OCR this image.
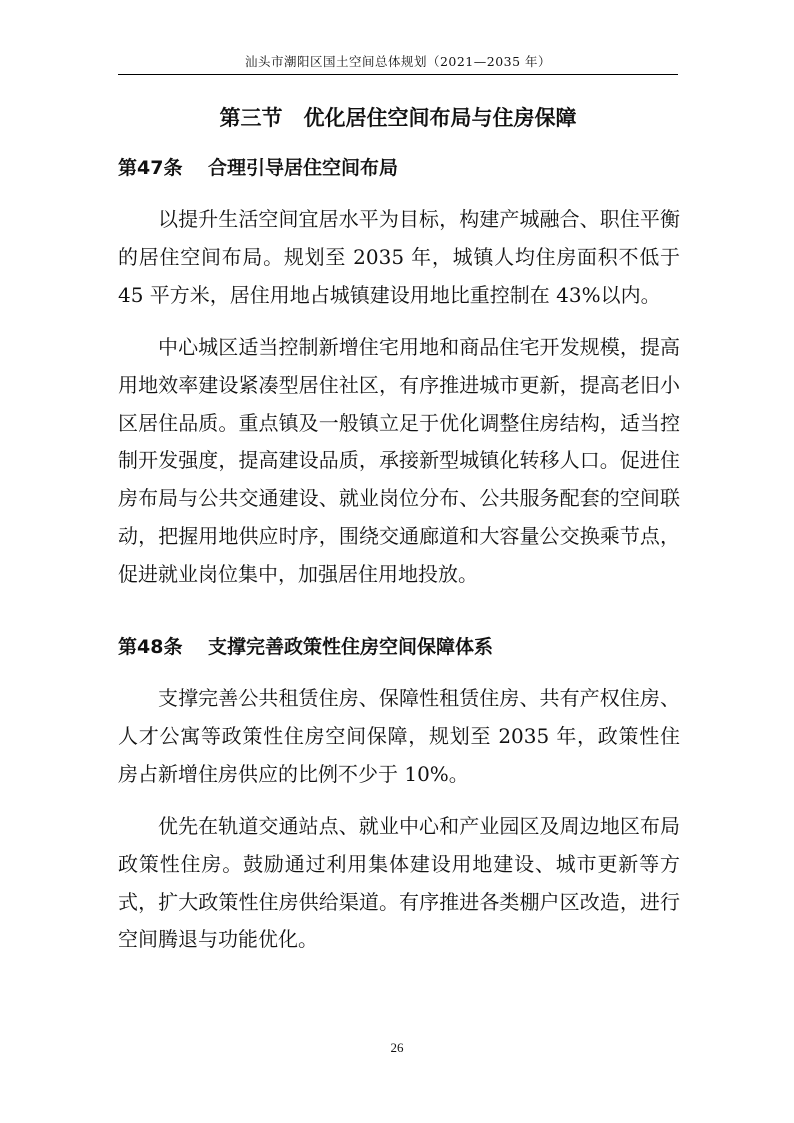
汕头市潮阳区国土空间总体规划（2021—2035 年）
第三节　优化居住空间布局与住房保障
第47条　 合理引导居住空间布局

以提升生活空间宜居水平为目标，构建产城融合、职住平衡的居住空间布局。规划至 2035 年，城镇人均住房面积不低于 45 平方米，居住用地占城镇建设用地比重控制在 43%以内。

中心城区适当控制新增住宅用地和商品住宅开发规模，提高用地效率建设紧凑型居住社区，有序推进城市更新，提高老旧小区居住品质。重点镇及一般镇立足于优化调整住房结构，适当控制开发强度，提高建设品质，承接新型城镇化转移人口。促进住房布局与公共交通建设、就业岗位分布、公共服务配套的空间联动，把握用地供应时序，围绕交通廊道和大容量公交换乘节点，促进就业岗位集中，加强居住用地投放。

第48条　 支撑完善政策性住房空间保障体系

支撑完善公共租赁住房、保障性租赁住房、共有产权住房、人才公寓等政策性住房空间保障，规划至 2035 年，政策性住房占新增住房供应的比例不少于 10%。

优先在轨道交通站点、就业中心和产业园区及周边地区布局政策性住房。鼓励通过利用集体建设用地建设、城市更新等方式，扩大政策性住房供给渠道。有序推进各类棚户区改造，进行空间腾退与功能优化。

26
